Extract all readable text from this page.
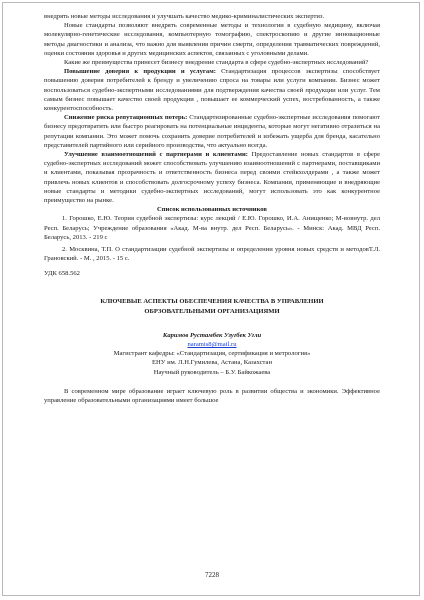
внедрять новые методы исследования и улучшать качество медико-криминалистических экспертиз.

Новые стандарты позволяют внедрять современные методы и технологии в судебную медицину, включая молекулярно-генетические исследования, компьютерную томографию, спектроскопию и другие инновационные методы диагностики и анализа, что важно для выявления причин смерти, определения травматических повреждений, оценки состояния здоровья и других медицинских аспектов, связанных с уголовными делами.

Какие же преимущества принесет бизнесу внедрение стандарта в сфере судебно-экспертных исследований?

Повышение доверия к продукции и услугам: Стандартизация процессов экспертизы способствует повышению доверия потребителей к бренду и увеличению спроса на товары или услуги компании. Бизнес может воспользоваться судебно-экспертными исследованиями для подтверждения качества своей продукции или услуг. Тем самым бизнес повышает качество своей продукции , повышает ее коммерческий успех, востребованность, а также конкурентоспособность.

Снижение риска репутационных потерь: Стандартизированные судебно-экспертные исследования помогают бизнесу предотвратить или быстро реагировать на потенциальные инциденты, которые могут негативно отразиться на репутации компании. Это может помочь сохранить доверие потребителей и избежать ущерба для бренда, касательно представителей партийного или серийного производства, что актуально всегда.

Улучшение взаимоотношений с партнерами и клиентами: Предоставление новых стандартов в сфере судебно-экспертных исследований может способствовать улучшению взаимоотношений с партнерами, поставщиками и клиентами, показывая прозрачность и ответственность бизнеса перед своими стейкхолдерами , а также может привлечь новых клиентов и способствовать долгосрочному успеху бизнеса. Компании, применяющие и внедряющие новые стандарты и методики судебно-экспертных исследований, могут использовать это как конкурентное преимущество на рынке.

Список использованных источников

1. Горошко, Е.Ю. Теория судебной экспертизы: курс лекций / Е.Ю. Горошко, И.А. Анищенко; М-вовнутр. дел Респ. Беларусь; Учреждение образования «Акад. М-ва внутр. дел Респ. Беларусь». - Минск: Акад. МВД Респ. Беларусь, 2013. - 219 с

2. Москвина, Т.П. О стандартизации судебной экспертизы и определении уровня новых средств и методовТ.Л. Грановский. - М. , 2015. - 15 с.

УДК 658.562

КЛЮЧЕВЫЕ АСПЕКТЫ ОБЕСПЕЧЕНИЯ КАЧЕСТВА В УПРАВЛЕНИИ
ОБРЗОВАТЕЛЬНЫМИ ОРГАНИЗАЦИЯМИ

Каримов Рустамбек Узугбек Угли

naramis8@mail.ru

Магистрант кафедры: «Стандартизация, сертификация и метрология»

ЕНУ им. Л.Н.Гумилева, Астана, Казахстан

Научный руководитель – Б.У. Байкожаева

В современном мире образование играет ключевую роль в развитии общества и экономики. Эффективное управление образовательными организациями имеет большое

7228
